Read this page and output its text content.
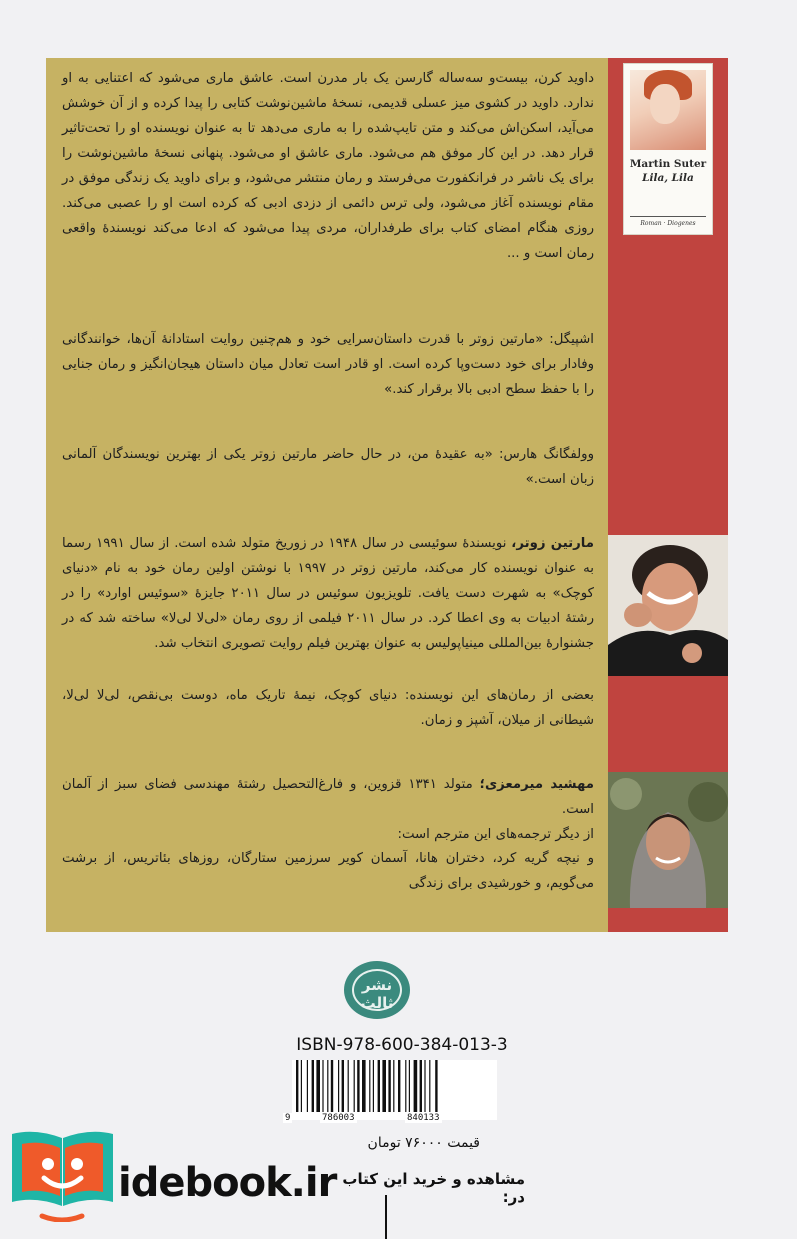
Martin Suter
Lila, Lila
Roman · Diogenes
داوید کرن، بیست‌و سه‌ساله گارسن یک بار مدرن است. عاشق ماری می‌شود که اعتنایی به او ندارد. داوید در کشوی میز عسلی قدیمی، نسخهٔ ماشین‌نوشت کتابی را پیدا کرده و از آن خوشش می‌آید، اسکن‌اش می‌کند و متن تایپ‌شده را به ماری می‌دهد تا به عنوان نویسنده او را تحت‌تاثیر قرار دهد. در این کار موفق هم می‌شود. ماری عاشق او می‌شود. پنهانی نسخهٔ ماشین‌نوشت را برای یک ناشر در فرانکفورت می‌فرستد و رمان منتشر می‌شود، و برای داوید یک زندگی موفق در مقام نویسنده آغاز می‌شود، ولی ترس دائمی از دزدی ادبی که کرده است او را عصبی می‌کند. روزی هنگام امضای کتاب برای طرفداران، مردی پیدا می‌شود که ادعا می‌کند نویسندهٔ واقعی رمان است و ...
اشپیگل: «مارتین زوتر با قدرت داستان‌سرایی خود و هم‌چنین روایت استادانهٔ آن‌ها، خوانندگانی وفادار برای خود دست‌وپا کرده است. او قادر است تعادل میان داستان هیجان‌انگیز و رمان جنایی را با حفظ سطح ادبی بالا برقرار کند.»
وولفگانگ هارس: «به عقیدهٔ من، در حال حاضر مارتین زوتر یکی از بهترین نویسندگان آلمانی زبان است.»
مارتین زوتر، نویسندهٔ سوئیسی در سال ۱۹۴۸ در زوریخ متولد شده است. از سال ۱۹۹۱ رسما به عنوان نویسنده کار می‌کند، مارتین زوتر در ۱۹۹۷ با نوشتن اولین رمان خود به نام «دنیای کوچک» به شهرت دست یافت. تلویزیون سوئیس در سال ۲۰۱۱ جایزهٔ «سوئیس اوارد» را در رشتهٔ ادبیات به وی اعطا کرد. در سال ۲۰۱۱ فیلمی از روی رمان «لی‌لا لی‌لا» ساخته شد که در جشنوارهٔ بین‌المللی مینیاپولیس به عنوان بهترین فیلم روایت تصویری انتخاب شد.
بعضی از رمان‌های این نویسنده: دنیای کوچک، نیمهٔ تاریک ماه، دوست بی‌نقص، لی‌لا لی‌لا، شیطانی از میلان، آشپز و زمان.
مهشید میرمعزی؛ متولد ۱۳۴۱ قزوین، و فارغ‌التحصیل رشتهٔ مهندسی فضای سبز از آلمان است.
از دیگر ترجمه‌های این مترجم است:
و نیچه گریه کرد، دختران هانا، آسمان کویر سرزمین ستارگان، روزهای بئاتریس، از برشت می‌گویم، و خورشیدی برای زندگی
نشر ثالث
ISBN-978-600-384-013-3
9	786003	840133
قیمت ۷۶۰۰۰ تومان
idebook.ir مشاهده و خرید این کتاب در:
